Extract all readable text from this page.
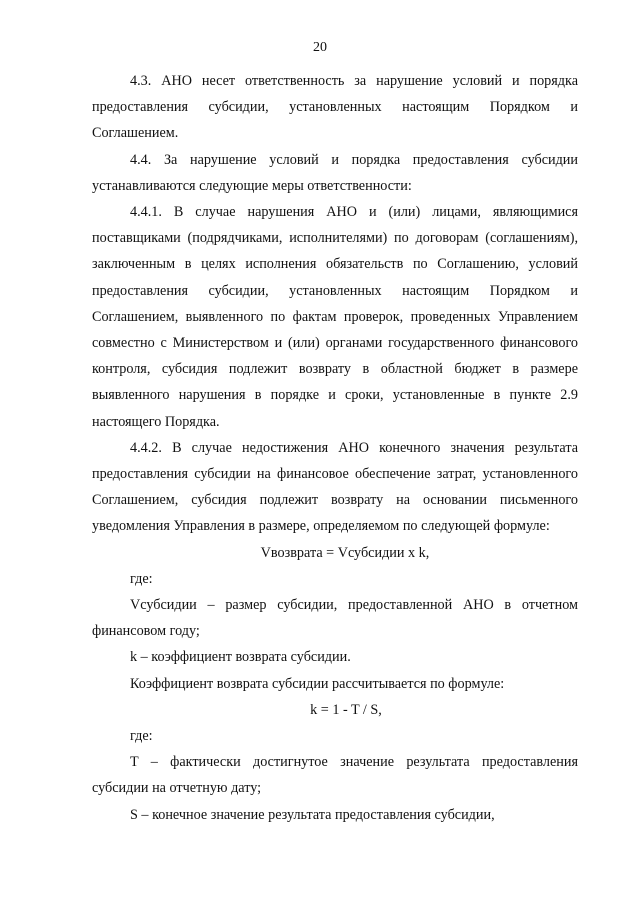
20

4.3. АНО несет ответственность за нарушение условий и порядка предоставления субсидии, установленных настоящим Порядком и Соглашением.

4.4. За нарушение условий и порядка предоставления субсидии устанавливаются следующие меры ответственности:

4.4.1. В случае нарушения АНО и (или) лицами, являющимися поставщиками (подрядчиками, исполнителями) по договорам (соглашениям), заключенным в целях исполнения обязательств по Соглашению, условий предоставления субсидии, установленных настоящим Порядком и Соглашением, выявленного по фактам проверок, проведенных Управлением совместно с Министерством и (или) органами государственного финансового контроля, субсидия подлежит возврату в областной бюджет в размере выявленного нарушения в порядке и сроки, установленные в пункте 2.9 настоящего Порядка.

4.4.2. В случае недостижения АНО конечного значения результата предоставления субсидии на финансовое обеспечение затрат, установленного Соглашением, субсидия подлежит возврату на основании письменного уведомления Управления в размере, определяемом по следующей формуле:

Vвозврата = Vсубсидии x k,

где:

Vсубсидии – размер субсидии, предоставленной АНО в отчетном финансовом году;

k – коэффициент возврата субсидии.

Коэффициент возврата субсидии рассчитывается по формуле:

k = 1 - T / S,

где:

T – фактически достигнутое значение результата предоставления субсидии на отчетную дату;

S – конечное значение результата предоставления субсидии,
